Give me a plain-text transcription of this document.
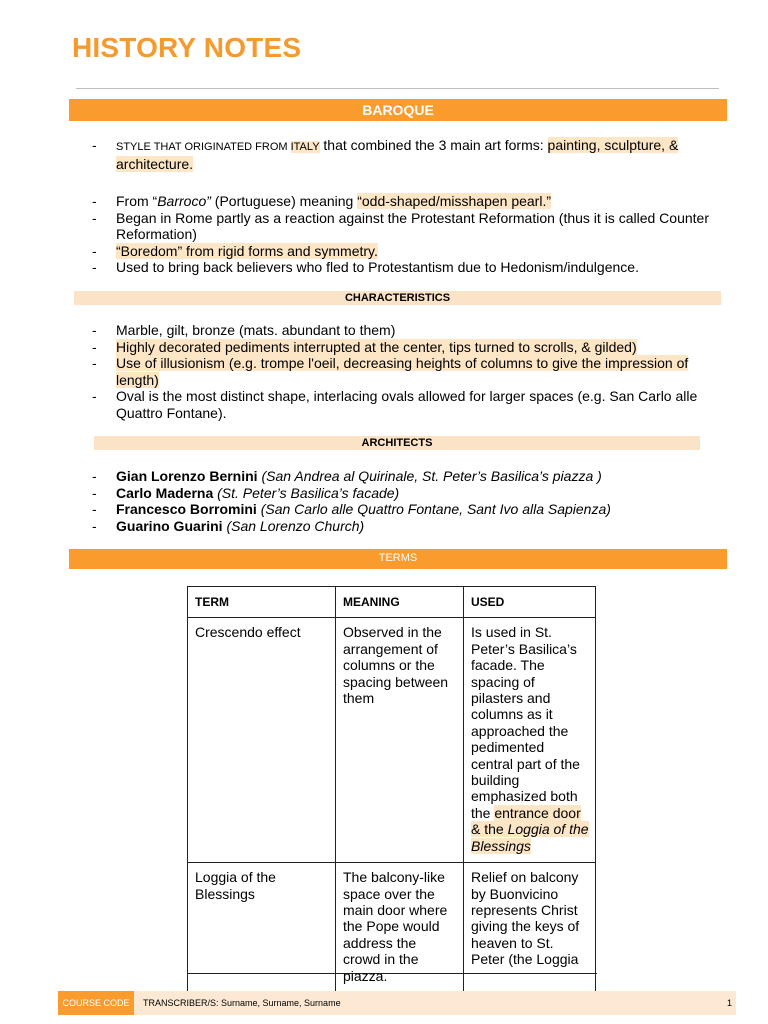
HISTORY NOTES
BAROQUE
- STYLE THAT ORIGINATED FROM ITALY that combined the 3 main art forms: painting, sculpture, & architecture.
- From “Barroco” (Portuguese) meaning “odd-shaped/misshapen pearl.”
- Began in Rome partly as a reaction against the Protestant Reformation (thus it is called Counter Reformation)
- “Boredom” from rigid forms and symmetry.
- Used to bring back believers who fled to Protestantism due to Hedonism/indulgence.
CHARACTERISTICS
- Marble, gilt, bronze (mats. abundant to them)
- Highly decorated pediments interrupted at the center, tips turned to scrolls, & gilded)
- Use of illusionism (e.g. trompe l'oeil, decreasing heights of columns to give the impression of length)
- Oval is the most distinct shape, interlacing ovals allowed for larger spaces (e.g. San Carlo alle Quattro Fontane).
ARCHITECTS
- Gian Lorenzo Bernini (San Andrea al Quirinale, St. Peter’s Basilica’s piazza )
- Carlo Maderna (St. Peter’s Basilica’s facade)
- Francesco Borromini (San Carlo alle Quattro Fontane, Sant Ivo alla Sapienza)
- Guarino Guarini (San Lorenzo Church)
TERMS
TERM	MEANING	USED
Crescendo effect	Observed in the arrangement of columns or the spacing between them	Is used in St. Peter’s Basilica’s facade. The spacing of pilasters and columns as it approached the pedimented central part of the building emphasized both the entrance door & the Loggia of the Blessings
Loggia of the Blessings	The balcony-like space over the main door where the Pope would address the crowd in the piazza.	Relief on balcony by Buonvicino represents Christ giving the keys of heaven to St. Peter (the Loggia
COURSE CODE	TRANSCRIBER/S: Surname, Surname, Surname	1
